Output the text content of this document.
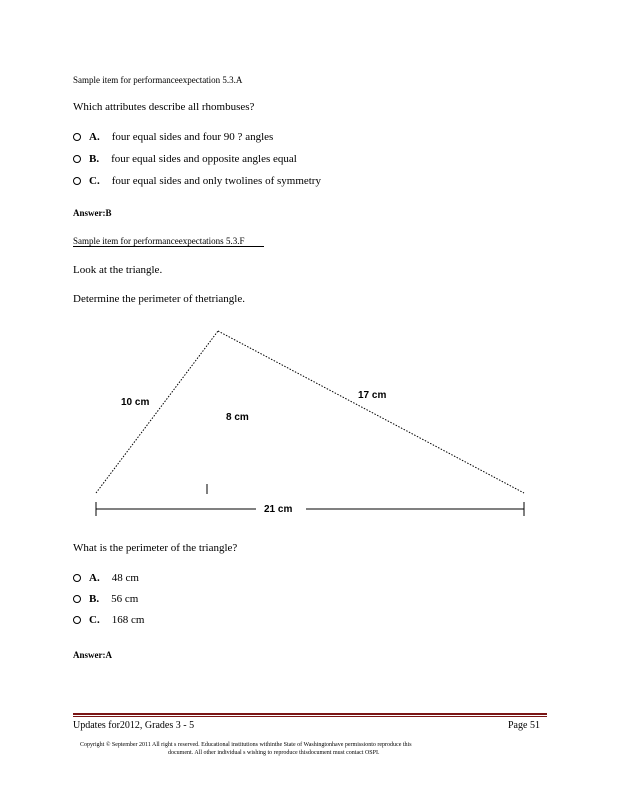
Sample item for performanceexpectation 5.3.A
Which attributes describe all rhombuses?
A. four equal sides and four 90 ? angles
B. four equal sides and opposite angles equal
C. four equal sides and only twolines of symmetry
Answer:B
Sample item for performanceexpectations 5.3.F
Look at the triangle.
Determine the perimeter of thetriangle.
10 cm
17 cm
8 cm
21 cm
What is the perimeter of the triangle?
A. 48 cm
B. 56 cm
C. 168 cm
Answer:A
Updates for2012, Grades 3 - 5	Page 51
Copyright © September 2011 All right s reserved. Educational institutions withinthe State of Washingtonhave permissionto reproduce this
document. All other individual s wishing to reproduce thisdocument must contact OSPI.
